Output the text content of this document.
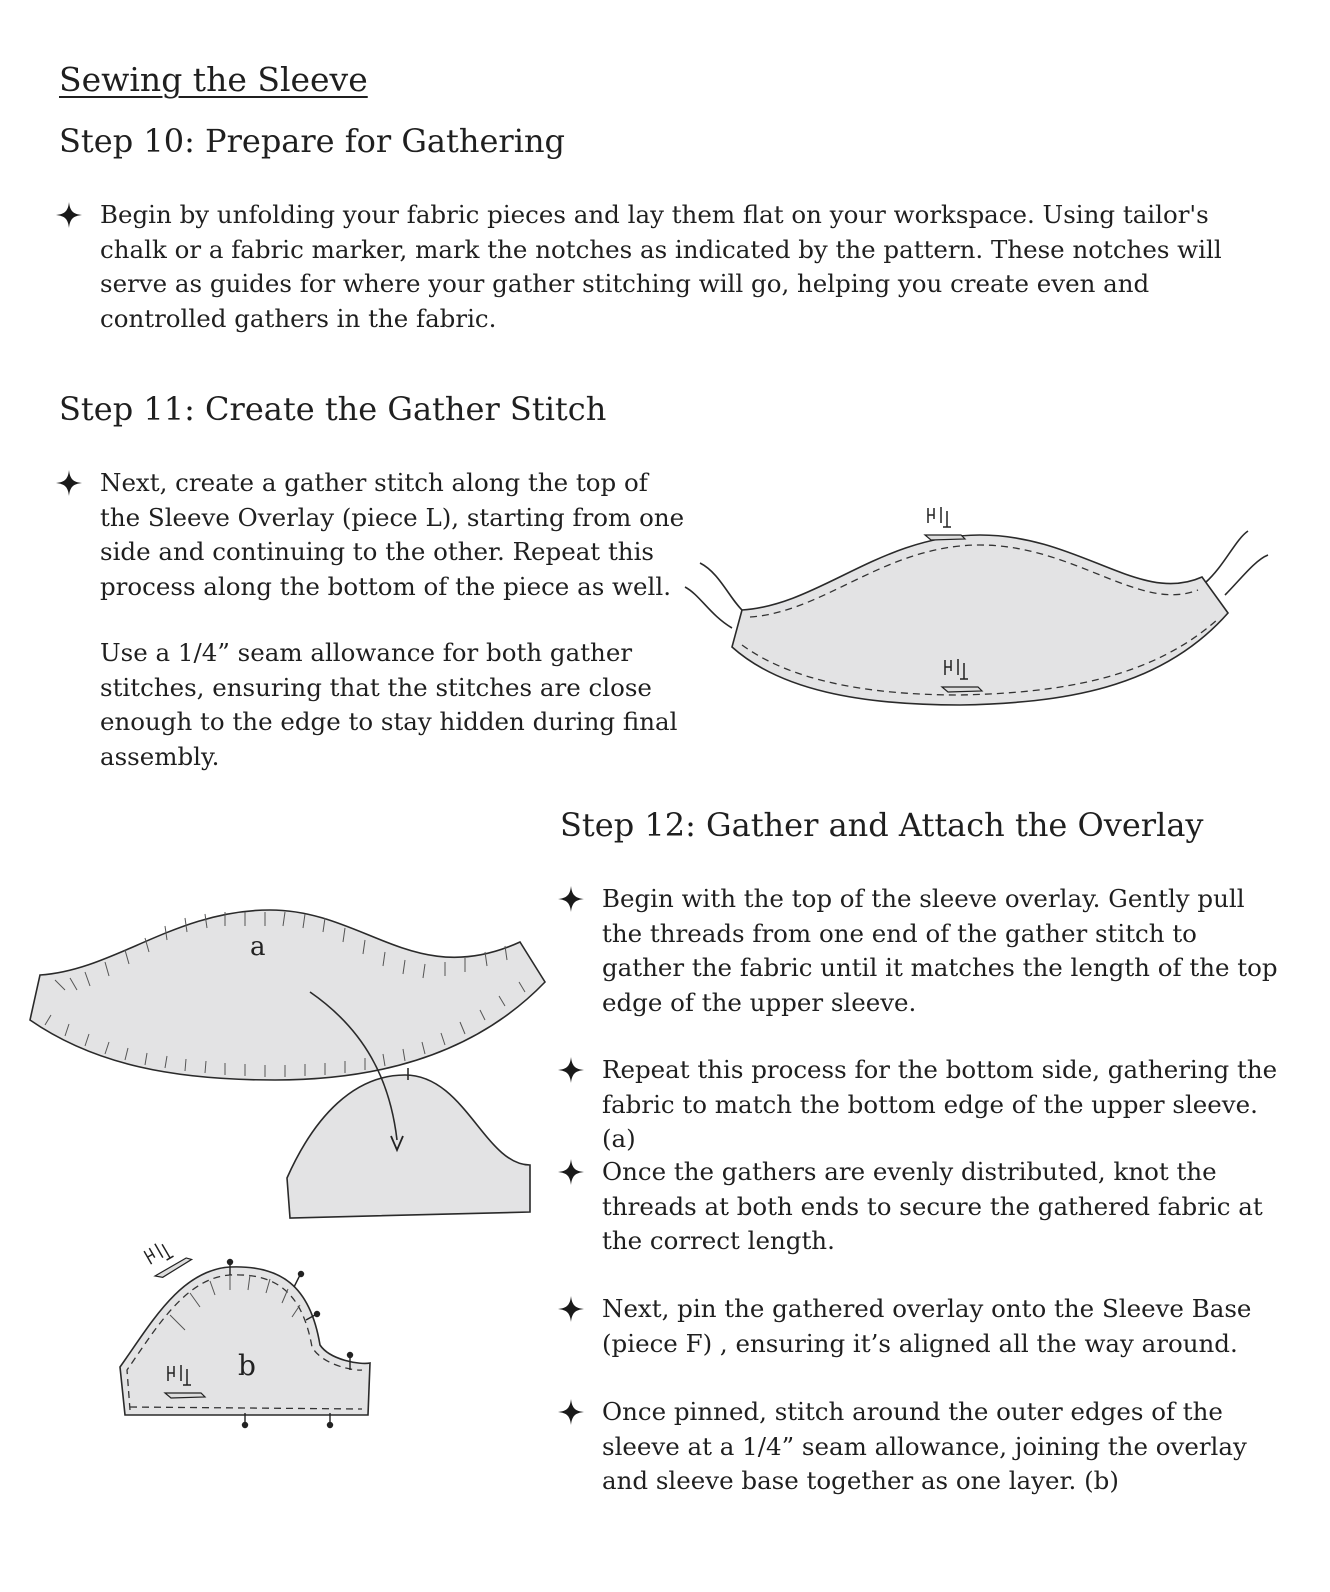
Sewing the Sleeve
Step 10: Prepare for Gathering

Begin by unfolding your fabric pieces and lay them flat on your workspace. Using tailor's chalk or a fabric marker, mark the notches as indicated by the pattern. These notches will serve as guides for where your gather stitching will go, helping you create even and controlled gathers in the fabric.

Step 11: Create the Gather Stitch

Next, create a gather stitch along the top of the Sleeve Overlay (piece L), starting from one side and continuing to the other. Repeat this process along the bottom of the piece as well.

Use a 1/4” seam allowance for both gather stitches, ensuring that the stitches are close enough to the edge to stay hidden during final assembly.

Step 12: Gather and Attach the Overlay

Begin with the top of the sleeve overlay. Gently pull the threads from one end of the gather stitch to gather the fabric until it matches the length of the top edge of the upper sleeve.

Repeat this process for the bottom side, gathering the fabric to match the bottom edge of the upper sleeve. (a)

Once the gathers are evenly distributed, knot the threads at both ends to secure the gathered fabric at the correct length.

Next, pin the gathered overlay onto the Sleeve Base (piece F) , ensuring it’s aligned all the way around.

Once pinned, stitch around the outer edges of the sleeve at a 1/4” seam allowance, joining the overlay and sleeve base together as one layer. (b)

a
b
